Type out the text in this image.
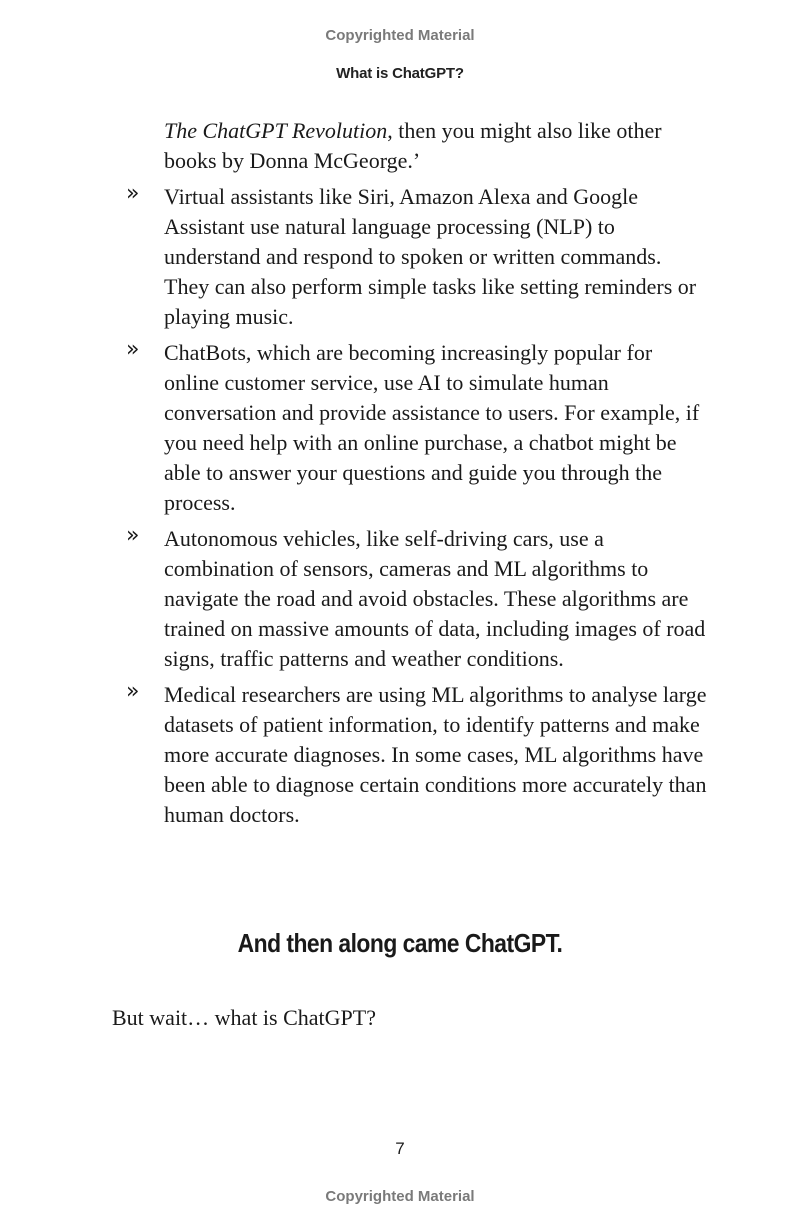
Copyrighted Material
What is ChatGPT?

The ChatGPT Revolution, then you might also like other books by Donna McGeorge.’

» Virtual assistants like Siri, Amazon Alexa and Google Assistant use natural language processing (NLP) to understand and respond to spoken or written commands. They can also perform simple tasks like setting reminders or playing music.
» ChatBots, which are becoming increasingly popular for online customer service, use AI to simulate human conversation and provide assistance to users. For example, if you need help with an online purchase, a chatbot might be able to answer your questions and guide you through the process.
» Autonomous vehicles, like self-driving cars, use a combination of sensors, cameras and ML algorithms to navigate the road and avoid obstacles. These algorithms are trained on massive amounts of data, including images of road signs, traffic patterns and weather conditions.
» Medical researchers are using ML algorithms to analyse large datasets of patient information, to identify patterns and make more accurate diagnoses. In some cases, ML algorithms have been able to diagnose certain conditions more accurately than human doctors.
And then along came ChatGPT.

But wait… what is ChatGPT?

7
Copyrighted Material
